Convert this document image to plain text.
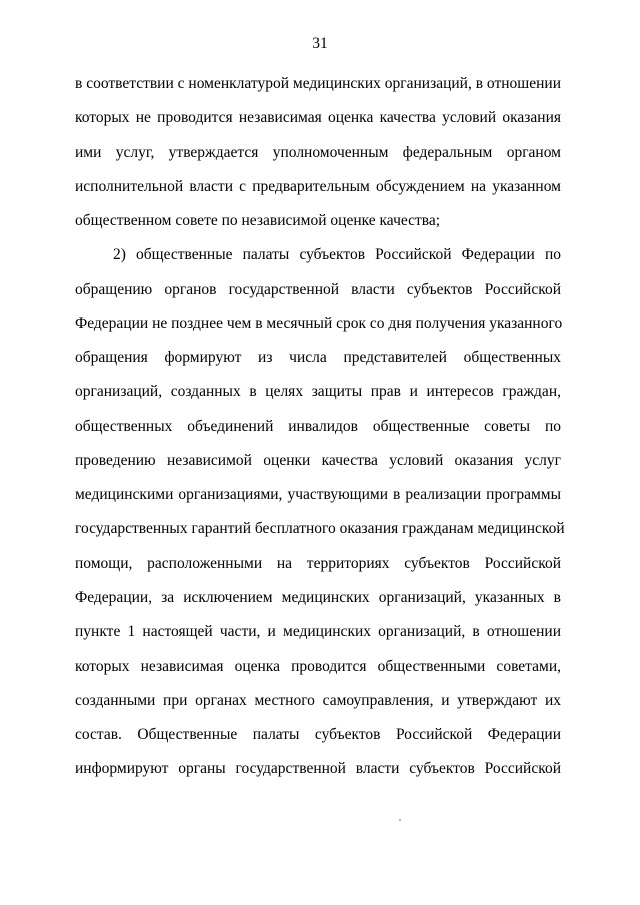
31
в соответствии с номенклатурой медицинских организаций, в отношении
которых не проводится независимая оценка качества условий оказания
ими услуг, утверждается уполномоченным федеральным органом
исполнительной власти с предварительным обсуждением на указанном
общественном совете по независимой оценке качества;
2) общественные палаты субъектов Российской Федерации по
обращению органов государственной власти субъектов Российской
Федерации не позднее чем в месячный срок со дня получения указанного
обращения формируют из числа представителей общественных
организаций, созданных в целях защиты прав и интересов граждан,
общественных объединений инвалидов общественные советы по
проведению независимой оценки качества условий оказания услуг
медицинскими организациями, участвующими в реализации программы
государственных гарантий бесплатного оказания гражданам медицинской
помощи, расположенными на территориях субъектов Российской
Федерации, за исключением медицинских организаций, указанных в
пункте 1 настоящей части, и медицинских организаций, в отношении
которых независимая оценка проводится общественными советами,
созданными при органах местного самоуправления, и утверждают их
состав. Общественные палаты субъектов Российской Федерации
информируют органы государственной власти субъектов Российской
